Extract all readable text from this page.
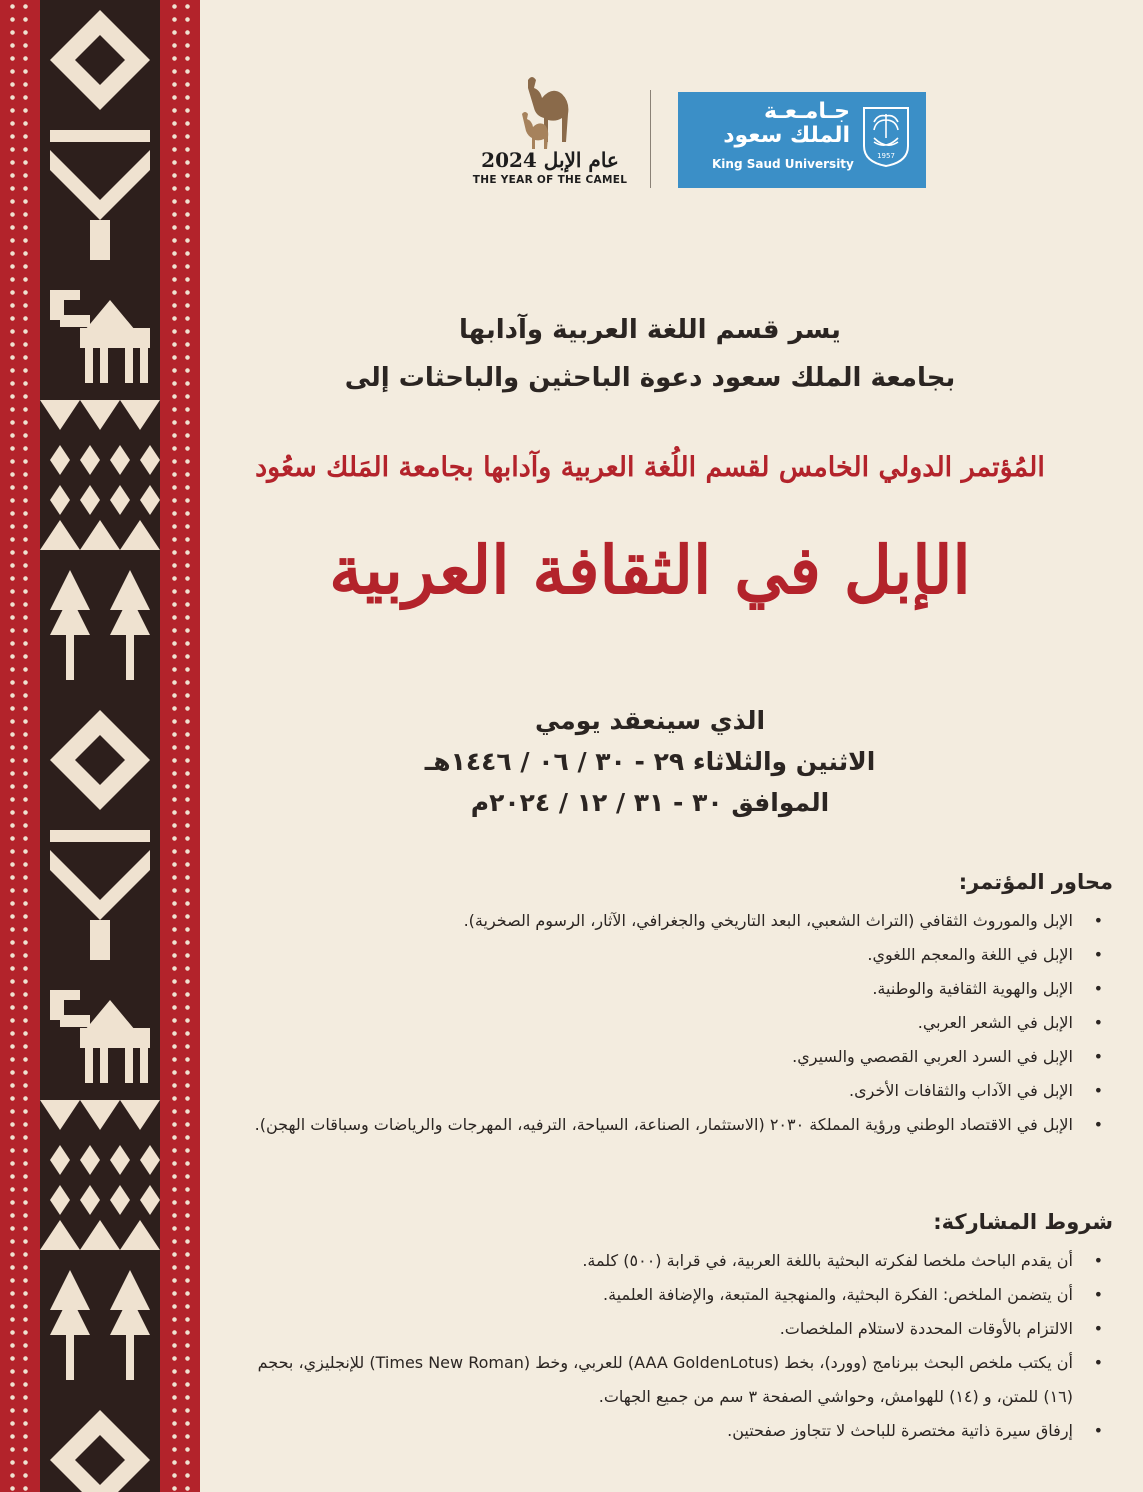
عام الإبل 2024
THE YEAR OF THE CAMEL
جـامـعـة
الملك سعود
King Saud University
1957
يسر قسم اللغة العربية وآدابها
بجامعة الملك سعود دعوة الباحثين والباحثات إلى
المُؤتمر الدولي الخامس لقسم اللُغة العربية وآدابها بجامعة المَلك سعُود
الإبل في الثقافة العربية
الذي سينعقد يومي
الاثنين والثلاثاء ٢٩ - ٣٠ / ٠٦ / ١٤٤٦هـ
الموافق ٣٠ - ٣١ / ١٢ / ٢٠٢٤م
محاور المؤتمر:
• الإبل والموروث الثقافي (التراث الشعبي، البعد التاريخي والجغرافي، الآثار، الرسوم الصخرية).
• الإبل في اللغة والمعجم اللغوي.
• الإبل والهوية الثقافية والوطنية.
• الإبل في الشعر العربي.
• الإبل في السرد العربي القصصي والسيري.
• الإبل في الآداب والثقافات الأخرى.
• الإبل في الاقتصاد الوطني ورؤية المملكة ٢٠٣٠ (الاستثمار، الصناعة، السياحة، الترفيه، المهرجات والرياضات وسباقات الهجن).
شروط المشاركة:
• أن يقدم الباحث ملخصا لفكرته البحثية باللغة العربية، في قرابة (٥٠٠) كلمة.
• أن يتضمن الملخص: الفكرة البحثية، والمنهجية المتبعة، والإضافة العلمية.
• الالتزام بالأوقات المحددة لاستلام الملخصات.
• أن يكتب ملخص البحث ببرنامج (وورد)، بخط (AAA GoldenLotus) للعربي، وخط (Times New Roman) للإنجليزي، بحجم (١٦) للمتن، و (١٤) للهوامش، وحواشي الصفحة ٣ سم من جميع الجهات.
• إرفاق سيرة ذاتية مختصرة للباحث لا تتجاوز صفحتين.
